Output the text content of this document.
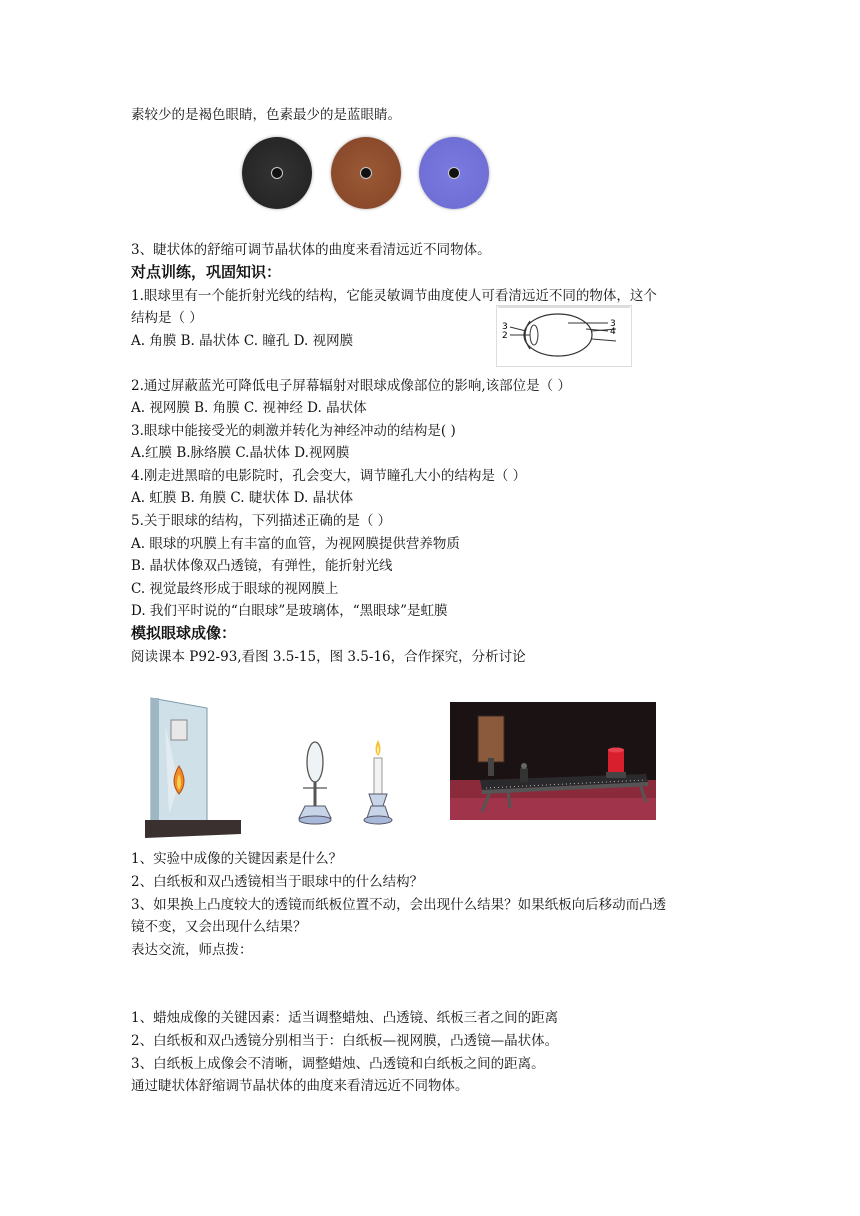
素较少的是褐色眼睛，色素最少的是蓝眼睛。
3、睫状体的舒缩可调节晶状体的曲度来看清远近不同物体。
对点训练，巩固知识：
1.眼球里有一个能折射光线的结构，它能灵敏调节曲度使人可看清远近不同的物体，这个
结构是（ ）
A. 角膜 B. 晶状体 C. 瞳孔 D. 视网膜
3
2
3
4
2.通过屏蔽蓝光可降低电子屏幕辐射对眼球成像部位的影响,该部位是（ ）
A. 视网膜 B. 角膜 C. 视神经 D. 晶状体
3.眼球中能接受光的刺激并转化为神经冲动的结构是( )
A.红膜 B.脉络膜 C.晶状体 D.视网膜
4.刚走进黑暗的电影院时，孔会变大，调节瞳孔大小的结构是（ ）
A. 虹膜 B. 角膜 C. 睫状体 D. 晶状体
5.关于眼球的结构，下列描述正确的是（ ）
A. 眼球的巩膜上有丰富的血管，为视网膜提供营养物质
B. 晶状体像双凸透镜，有弹性，能折射光线
C. 视觉最终形成于眼球的视网膜上
D. 我们平时说的“白眼球”是玻璃体，“黑眼球”是虹膜
模拟眼球成像：
阅读课本 P92-93,看图 3.5-15，图 3.5-16，合作探究，分析讨论
1、实验中成像的关键因素是什么？
2、白纸板和双凸透镜相当于眼球中的什么结构？
3、如果换上凸度较大的透镜而纸板位置不动，会出现什么结果？如果纸板向后移动而凸透
镜不变，又会出现什么结果？
表达交流，师点拨：
1、蜡烛成像的关键因素：适当调整蜡烛、凸透镜、纸板三者之间的距离
2、白纸板和双凸透镜分别相当于：白纸板—视网膜，凸透镜—晶状体。
3、白纸板上成像会不清晰，调整蜡烛、凸透镜和白纸板之间的距离。
通过睫状体舒缩调节晶状体的曲度来看清远近不同物体。
